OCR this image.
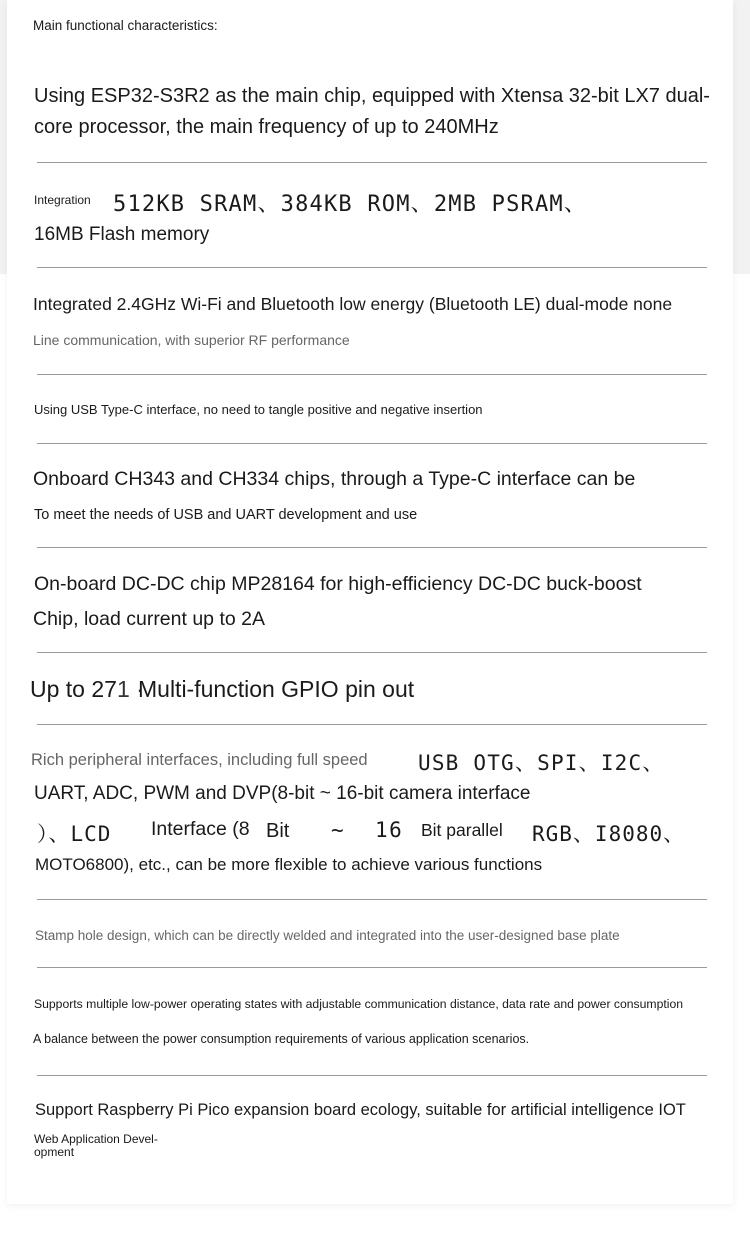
Main functional characteristics:

Using ESP32-S3R2 as the main chip, equipped with Xtensa 32-bit LX7 dual-

core processor, the main frequency of up to 240MHz

Integration 512KB SRAM、384KB ROM、2MB PSRAM、

16MB Flash memory

Integrated 2.4GHz Wi-Fi and Bluetooth low energy (Bluetooth LE) dual-mode none

Line communication, with superior RF performance

Using USB Type-C interface, no need to tangle positive and negative insertion

Onboard CH343 and CH334 chips, through a Type-C interface can be

To meet the needs of USB and UART development and use

On-board DC-DC chip MP28164 for high-efficiency DC-DC buck-boost

Chip, load current up to 2A

Up to 27 1 ·

Multi-function GPIO pin out

Rich peripheral interfaces, including full speed USB OTG、SPI、I2C、

UART, ADC, PWM and DVP(8-bit ~ 16-bit camera interface

）、LCD Interface (8 Bit ~ 16 Bit parallel RGB、I8080、

MOTO6800), etc., can be more flexible to achieve various functions

Stamp hole design, which can be directly welded and integrated into the user-designed base plate

Supports multiple low-power operating states with adjustable communication distance, data rate and power consumption

A balance between the power consumption requirements of various application scenarios.

Support Raspberry Pi Pico expansion board ecology, suitable for artificial intelligence IOT

Web Application Devel-

opment
